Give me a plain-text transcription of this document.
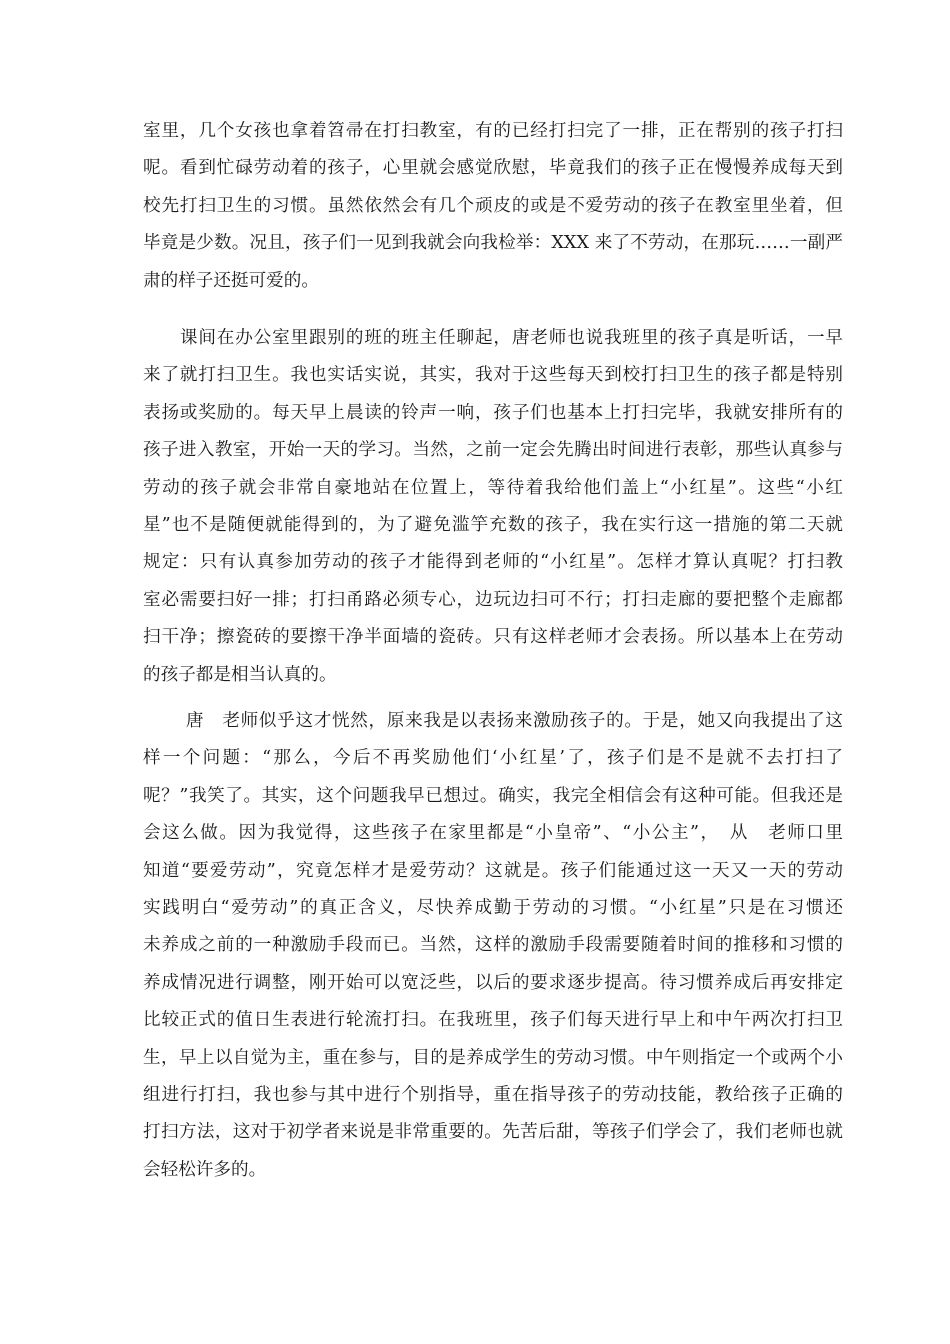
室里，几个女孩也拿着笤帚在打扫教室，有的已经打扫完了一排，正在帮别的孩子打扫
呢。看到忙碌劳动着的孩子，心里就会感觉欣慰，毕竟我们的孩子正在慢慢养成每天到
校先打扫卫生的习惯。虽然依然会有几个顽皮的或是不爱劳动的孩子在教室里坐着，但
毕竟是少数。况且，孩子们一见到我就会向我检举：XXX 来了不劳动，在那玩……一副严
肃的样子还挺可爱的。
　　课间在办公室里跟别的班的班主任聊起，唐老师也说我班里的孩子真是听话，一早
来了就打扫卫生。我也实话实说，其实，我对于这些每天到校打扫卫生的孩子都是特别
表扬或奖励的。每天早上晨读的铃声一响，孩子们也基本上打扫完毕，我就安排所有的
孩子进入教室，开始一天的学习。当然，之前一定会先腾出时间进行表彰，那些认真参与
劳动的孩子就会非常自豪地站在位置上，等待着我给他们盖上“小红星”。这些“小红
星”也不是随便就能得到的，为了避免滥竽充数的孩子，我在实行这一措施的第二天就
规定：只有认真参加劳动的孩子才能得到老师的“小红星”。怎样才算认真呢？打扫教
室必需要扫好一排；打扫甬路必须专心，边玩边扫可不行；打扫走廊的要把整个走廊都
扫干净；擦瓷砖的要擦干净半面墙的瓷砖。只有这样老师才会表扬。所以基本上在劳动
的孩子都是相当认真的。
　　 唐　老师似乎这才恍然，原来我是以表扬来激励孩子的。于是，她又向我提出了这
样一个问题：“那么，今后不再奖励他们‘小红星’了，孩子们是不是就不去打扫了
呢？”我笑了。其实，这个问题我早已想过。确实，我完全相信会有这种可能。但我还是
会这么做。因为我觉得，这些孩子在家里都是“小皇帝”、“小公主”，　从　老师口里
知道“要爱劳动”，究竟怎样才是爱劳动？这就是。孩子们能通过这一天又一天的劳动
实践明白“爱劳动”的真正含义，尽快养成勤于劳动的习惯。“小红星”只是在习惯还
未养成之前的一种激励手段而已。当然，这样的激励手段需要随着时间的推移和习惯的
养成情况进行调整，刚开始可以宽泛些，以后的要求逐步提高。待习惯养成后再安排定
比较正式的值日生表进行轮流打扫。在我班里，孩子们每天进行早上和中午两次打扫卫
生，早上以自觉为主，重在参与，目的是养成学生的劳动习惯。中午则指定一个或两个小
组进行打扫，我也参与其中进行个别指导，重在指导孩子的劳动技能，教给孩子正确的
打扫方法，这对于初学者来说是非常重要的。先苦后甜，等孩子们学会了，我们老师也就
会轻松许多的。
